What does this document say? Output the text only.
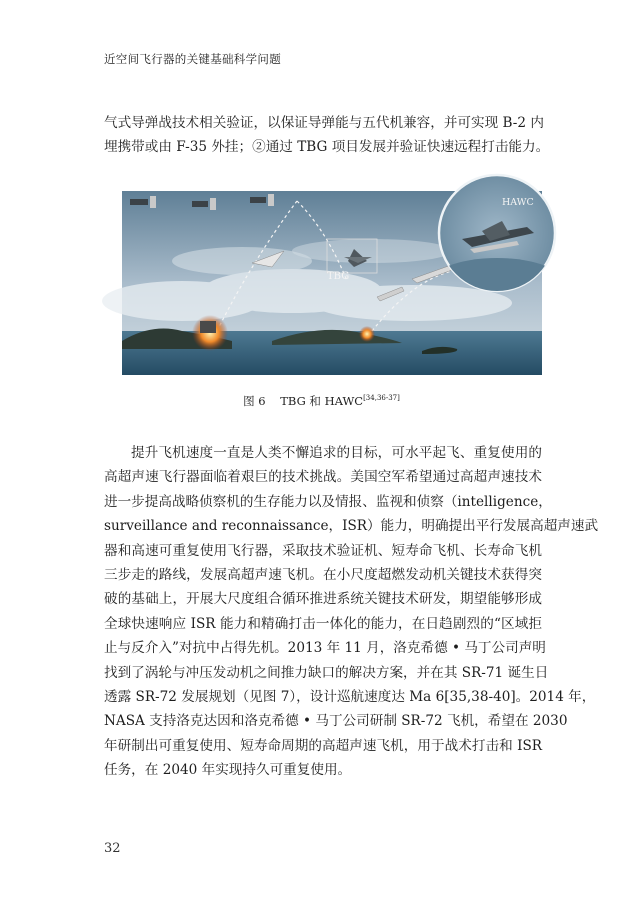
近空间飞行器的关键基础科学问题
气式导弹战技术相关验证，以保证导弹能与五代机兼容，并可实现 B-2 内
埋携带或由 F-35 外挂；②通过 TBG 项目发展并验证快速远程打击能力。
TBG
HAWC
图 6 TBG 和 HAWC[34,36-37]
提升飞机速度一直是人类不懈追求的目标，可水平起飞、重复使用的
高超声速飞行器面临着艰巨的技术挑战。美国空军希望通过高超声速技术
进一步提高战略侦察机的生存能力以及情报、监视和侦察（intelligence，
surveillance and reconnaissance，ISR）能力，明确提出平行发展高超声速武
器和高速可重复使用飞行器，采取技术验证机、短寿命飞机、长寿命飞机
三步走的路线，发展高超声速飞机。在小尺度超燃发动机关键技术获得突
破的基础上，开展大尺度组合循环推进系统关键技术研发，期望能够形成
全球快速响应 ISR 能力和精确打击一体化的能力，在日趋剧烈的“区域拒
止与反介入”对抗中占得先机。2013 年 11 月，洛克希德 • 马丁公司声明
找到了涡轮与冲压发动机之间推力缺口的解决方案，并在其 SR-71 诞生日
透露 SR-72 发展规划（见图 7），设计巡航速度达 Ma 6[35,38-40]。2014 年，
NASA 支持洛克达因和洛克希德 • 马丁公司研制 SR-72 飞机，希望在 2030
年研制出可重复使用、短寿命周期的高超声速飞机，用于战术打击和 ISR
任务，在 2040 年实现持久可重复使用。
32
